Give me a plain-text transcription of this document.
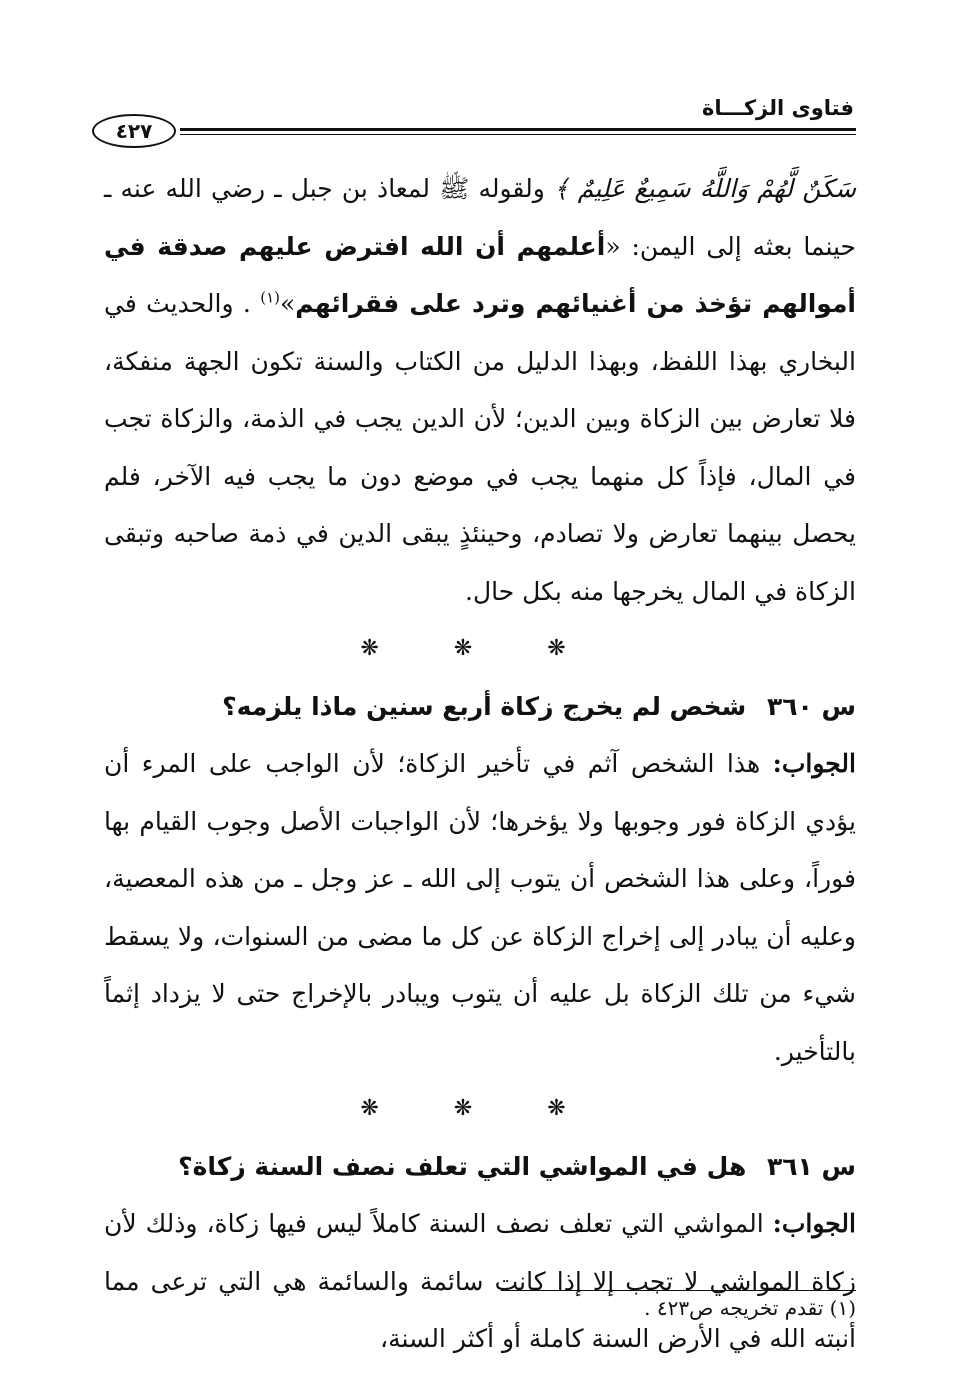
فتاوى الزكـــاة
٤٢٧

سَكَنٌ لَّهُمْ وَاللَّهُ سَمِيعٌ عَلِيمٌ ﴾ ولقوله ﷺ لمعاذ بن جبل ـ رضي الله عنه ـ حينما بعثه إلى اليمن: «أعلمهم أن الله افترض عليهم صدقة في أموالهم تؤخذ من أغنيائهم وترد على فقرائهم»$^{(١)}$ . والحديث في البخاري بهذا اللفظ، وبهذا الدليل من الكتاب والسنة تكون الجهة منفكة، فلا تعارض بين الزكاة وبين الدين؛ لأن الدين يجب في الذمة، والزكاة تجب في المال، فإذاً كل منهما يجب في موضع دون ما يجب فيه الآخر، فلم يحصل بينهما تعارض ولا تصادم، وحينئذٍ يبقى الدين في ذمة صاحبه وتبقى الزكاة في المال يخرجها منه بكل حال.

❋ ❋ ❋
س ٣٦٠ شخص لم يخرج زكاة أربع سنين ماذا يلزمه؟

الجواب: هذا الشخص آثم في تأخير الزكاة؛ لأن الواجب على المرء أن يؤدي الزكاة فور وجوبها ولا يؤخرها؛ لأن الواجبات الأصل وجوب القيام بها فوراً، وعلى هذا الشخص أن يتوب إلى الله ـ عز وجل ـ من هذه المعصية، وعليه أن يبادر إلى إخراج الزكاة عن كل ما مضى من السنوات، ولا يسقط شيء من تلك الزكاة بل عليه أن يتوب ويبادر بالإخراج حتى لا يزداد إثماً بالتأخير.

❋ ❋ ❋
س ٣٦١ هل في المواشي التي تعلف نصف السنة زكاة؟

الجواب: المواشي التي تعلف نصف السنة كاملاً ليس فيها زكاة، وذلك لأن زكاة المواشي لا تجب إلا إذا كانت سائمة والسائمة هي التي ترعى مما أنبته الله في الأرض السنة كاملة أو أكثر السنة،

(١) تقدم تخريجه ص٤٢٣ .
